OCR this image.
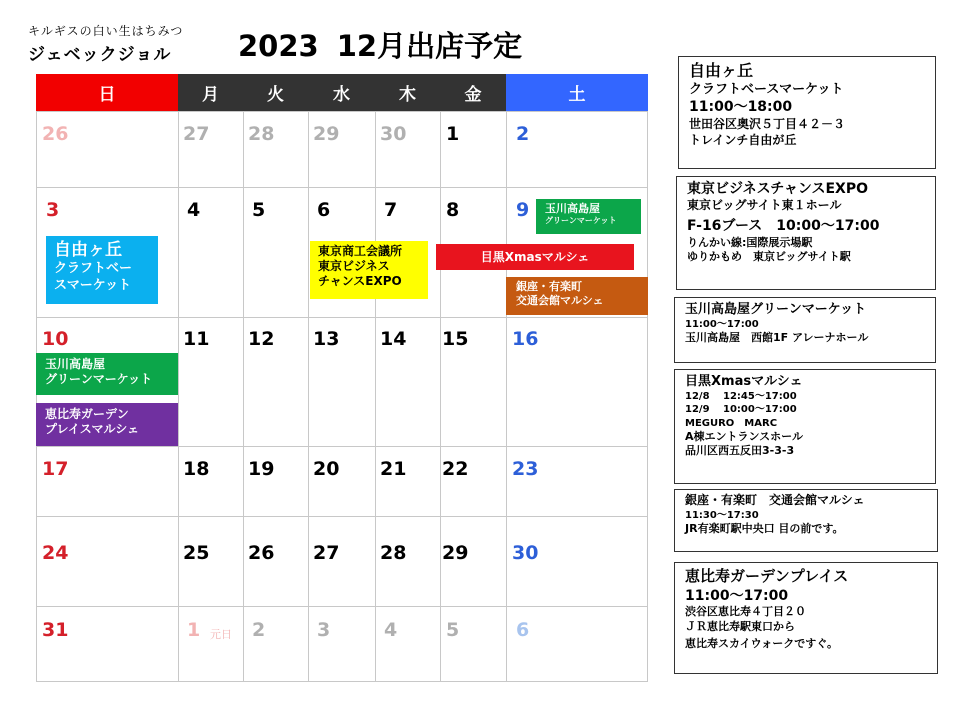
キルギスの白い生はちみつ
ジェベックジョル 2023 12月出店予定
日	月	火	水	木	金	土
26	27 28 29 30 1	2
3	4	5	6	7	8	9
10	11 12 13 14 15 16
17	18 19 20 21 22 23
24	25 26 27 28 29 30
31	1 元日 2	3	4	5	6
自由ヶ丘
クラフトベー
スマーケット
東京商工会議所
東京ビジネス
チャンスEXPO
目黒Xmasマルシェ
玉川高島屋
グリーンマーケット
銀座・有楽町
交通会館マルシェ
玉川高島屋
グリーンマーケット
恵比寿ガーデン
プレイスマルシェ
自由ヶ丘
クラフトベースマーケット
11:00～18:00
世田谷区奥沢５丁目４２－３
トレインチ自由が丘
東京ビジネスチャンスEXPO
東京ビッグサイト東１ホール
F-16ブース　10:00～17:00
りんかい線:国際展示場駅
ゆりかもめ　東京ビッグサイト駅
玉川高島屋グリーンマーケット
11:00～17:00
玉川高島屋　西館1F アレーナホール
目黒Xmasマルシェ
12/8　 12:45～17:00
12/9　 10:00～17:00
MEGURO　MARC
A棟エントランスホール
品川区西五反田3-3-3
銀座・有楽町　交通会館マルシェ
11:30～17:30
JR有楽町駅中央口 目の前です。
恵比寿ガーデンプレイス
11:00～17:00
渋谷区恵比寿４丁目２０
ＪＲ恵比寿駅東口から
恵比寿スカイウォークですぐ。
